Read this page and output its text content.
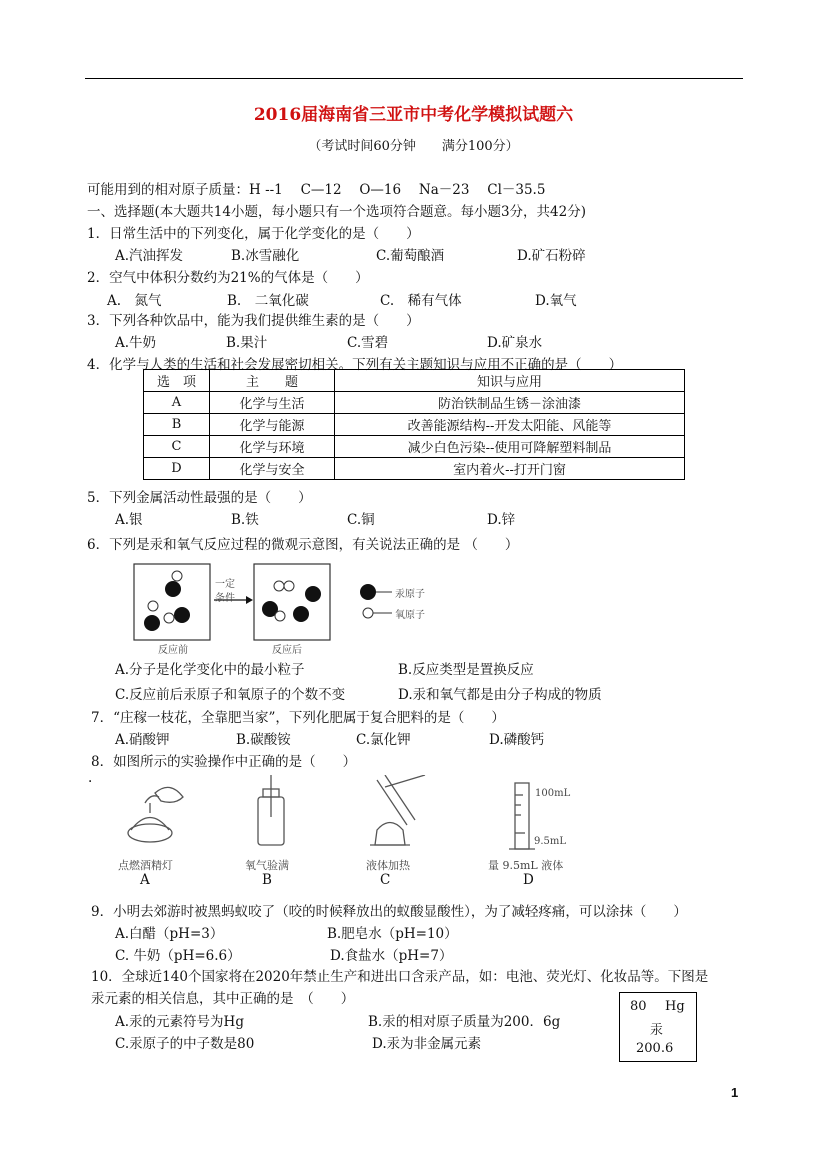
2016届海南省三亚市中考化学模拟试题六
（考试时间60分钟　　满分100分）
可能用到的相对原子质量：H --1　 C—12　 O—16　 Na－23　 Cl－35.5
一、选择题(本大题共14小题，每小题只有一个选项符合题意。每小题3分，共42分)
1．日常生活中的下列变化，属于化学变化的是（　　）
A.汽油挥发	B.冰雪融化	C.葡萄酿酒	D.矿石粉碎
2．空气中体积分数约为21%的气体是（　　）
A.　氮气	B.　二氧化碳	C.　稀有气体	D.氧气
3．下列各种饮品中，能为我们提供维生素的是（　　）
A.牛奶	B.果汁	C.雪碧	D.矿泉水
4．化学与人类的生活和社会发展密切相关。下列有关主题知识与应用不正确的是（　　）
选　项	主　　题	知识与应用
A	化学与生活	防治铁制品生锈－涂油漆
B	化学与能源	改善能源结构--开发太阳能、风能等
C	化学与环境	减少白色污染--使用可降解塑料制品
D	化学与安全	室内着火--打开门窗
5．下列金属活动性最强的是（　　）
A.银	B.铁	C.铜	D.锌
6．下列是汞和氧气反应过程的微观示意图，有关说法正确的是 （　　）
一定
条件
反应前	反应后
汞原子
氧原子
A.分子是化学变化中的最小粒子	B.反应类型是置换反应
C.反应前后汞原子和氧原子的个数不变	D.汞和氧气都是由分子构成的物质
7．“庄稼一枝花，全靠肥当家”，下列化肥属于复合肥料的是（　　）
A.硝酸钾	B.碳酸铵	C.氯化钾	D.磷酸钙
8．如图所示的实验操作中正确的是（　　）
.
100mL
9.5mL
点燃酒精灯	氧气验满	液体加热	量 9.5mL 液体
A	B	C	D
9．小明去郊游时被黑蚂蚁咬了（咬的时候释放出的蚁酸显酸性），为了减轻疼痛，可以涂抹（　　）
A.白醋（pH=3）	B.肥皂水（pH=10）
C. 牛奶（pH=6.6）	D.食盐水（pH=7）
10．全球近140个国家将在2020年禁止生产和进出口含汞产品，如：电池、荧光灯、化妆品等。下图是
汞元素的相关信息，其中正确的是　（　　）
A.汞的元素符号为Hg	B.汞的相对原子质量为200．6g
C.汞原子的中子数是80	D.汞为非金属元素
80 Hg
汞
200.6
1
